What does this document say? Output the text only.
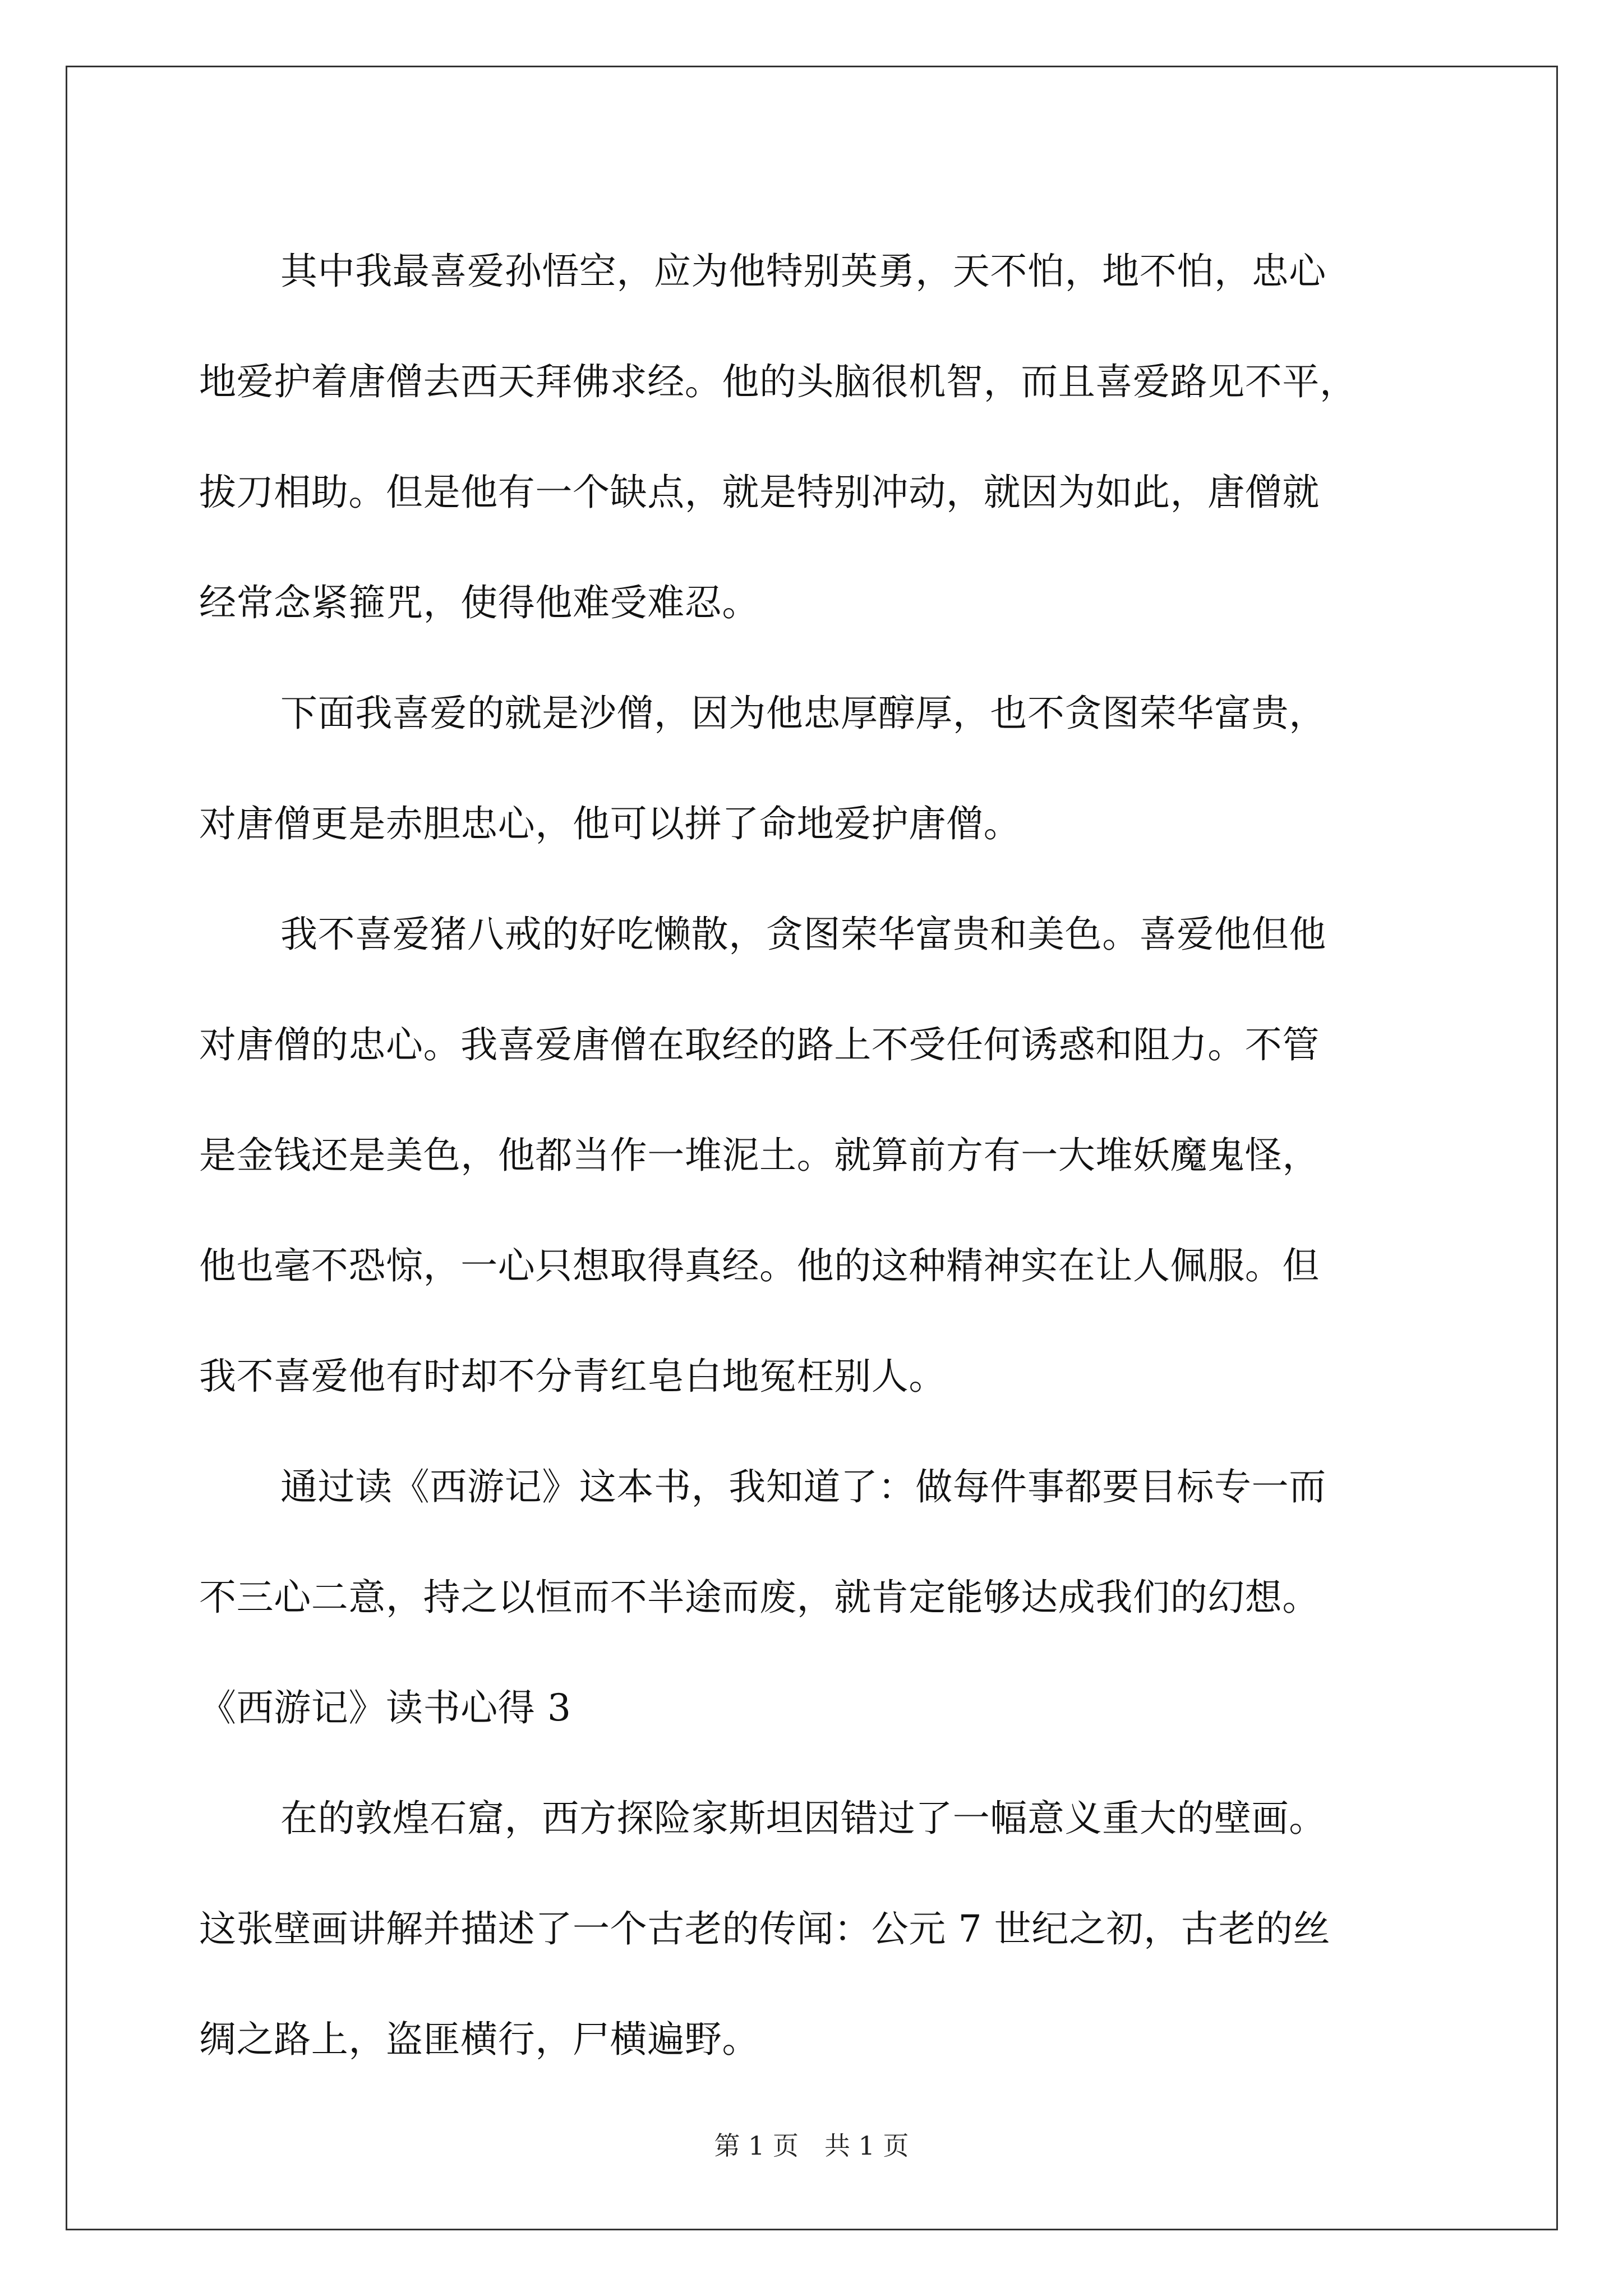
其中我最喜爱孙悟空，应为他特别英勇，天不怕，地不怕，忠心
地爱护着唐僧去西天拜佛求经。他的头脑很机智，而且喜爱路见不平，
拔刀相助。但是他有一个缺点，就是特别冲动，就因为如此，唐僧就
经常念紧箍咒，使得他难受难忍。
下面我喜爱的就是沙僧，因为他忠厚醇厚，也不贪图荣华富贵，
对唐僧更是赤胆忠心，他可以拼了命地爱护唐僧。
我不喜爱猪八戒的好吃懒散，贪图荣华富贵和美色。喜爱他但他
对唐僧的忠心。我喜爱唐僧在取经的路上不受任何诱惑和阻力。不管
是金钱还是美色，他都当作一堆泥土。就算前方有一大堆妖魔鬼怪，
他也毫不恐惊，一心只想取得真经。他的这种精神实在让人佩服。但
我不喜爱他有时却不分青红皂白地冤枉别人。
通过读《西游记》这本书，我知道了：做每件事都要目标专一而
不三心二意，持之以恒而不半途而废，就肯定能够达成我们的幻想。
《西游记》读书心得 3
在的敦煌石窟，西方探险家斯坦因错过了一幅意义重大的壁画。
这张壁画讲解并描述了一个古老的传闻：公元 7 世纪之初，古老的丝
绸之路上，盗匪横行，尸横遍野。
第 1 页 共 1 页
